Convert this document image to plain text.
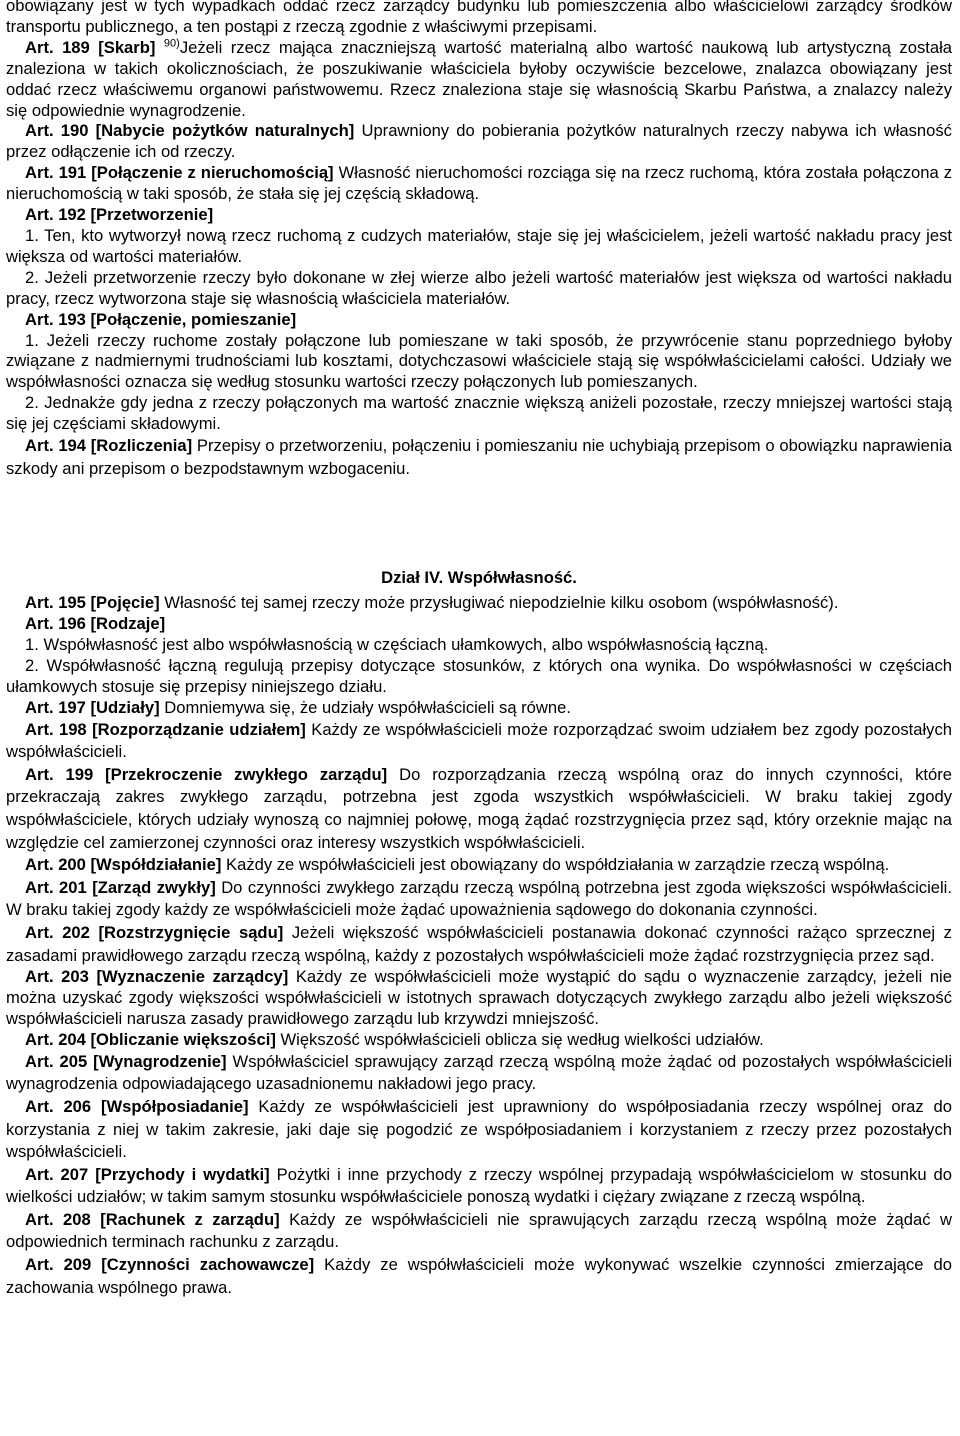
obowiązany jest w tych wypadkach oddać rzecz zarządcy budynku lub pomieszczenia albo właścicielowi zarządcy środków transportu publicznego, a ten postąpi z rzeczą zgodnie z właściwymi przepisami.

Art. 189 [Skarb] $^{90)}$Jeżeli rzecz mająca znaczniejszą wartość materialną albo wartość naukową lub artystyczną została znaleziona w takich okolicznościach, że poszukiwanie właściciela byłoby oczywiście bezcelowe, znalazca obowiązany jest oddać rzecz właściwemu organowi państwowemu. Rzecz znaleziona staje się własnością Skarbu Państwa, a znalazcy należy się odpowiednie wynagrodzenie.

Art. 190 [Nabycie pożytków naturalnych] Uprawniony do pobierania pożytków naturalnych rzeczy nabywa ich własność przez odłączenie ich od rzeczy.

Art. 191 [Połączenie z nieruchomością] Własność nieruchomości rozciąga się na rzecz ruchomą, która została połączona z nieruchomością w taki sposób, że stała się jej częścią składową.

Art. 192 [Przetworzenie]

1. Ten, kto wytworzył nową rzecz ruchomą z cudzych materiałów, staje się jej właścicielem, jeżeli wartość nakładu pracy jest większa od wartości materiałów.

2. Jeżeli przetworzenie rzeczy było dokonane w złej wierze albo jeżeli wartość materiałów jest większa od wartości nakładu pracy, rzecz wytworzona staje się własnością właściciela materiałów.

Art. 193 [Połączenie, pomieszanie]

1. Jeżeli rzeczy ruchome zostały połączone lub pomieszane w taki sposób, że przywrócenie stanu poprzedniego byłoby związane z nadmiernymi trudnościami lub kosztami, dotychczasowi właściciele stają się współwłaścicielami całości. Udziały we współwłasności oznacza się według stosunku wartości rzeczy połączonych lub pomieszanych.

2. Jednakże gdy jedna z rzeczy połączonych ma wartość znacznie większą aniżeli pozostałe, rzeczy mniejszej wartości stają się jej częściami składowymi.

Art. 194 [Rozliczenia] Przepisy o przetworzeniu, połączeniu i pomieszaniu nie uchybiają przepisom o obowiązku naprawienia szkody ani przepisom o bezpodstawnym wzbogaceniu.

Dział IV. Współwłasność.

Art. 195 [Pojęcie] Własność tej samej rzeczy może przysługiwać niepodzielnie kilku osobom (współwłasność).

Art. 196 [Rodzaje]

1. Współwłasność jest albo współwłasnością w częściach ułamkowych, albo współwłasnością łączną.

2. Współwłasność łączną regulują przepisy dotyczące stosunków, z których ona wynika. Do współwłasności w częściach ułamkowych stosuje się przepisy niniejszego działu.

Art. 197 [Udziały] Domniemywa się, że udziały współwłaścicieli są równe.

Art. 198 [Rozporządzanie udziałem] Każdy ze współwłaścicieli może rozporządzać swoim udziałem bez zgody pozostałych współwłaścicieli.

Art. 199 [Przekroczenie zwykłego zarządu] Do rozporządzania rzeczą wspólną oraz do innych czynności, które przekraczają zakres zwykłego zarządu, potrzebna jest zgoda wszystkich współwłaścicieli. W braku takiej zgody współwłaściciele, których udziały wynoszą co najmniej połowę, mogą żądać rozstrzygnięcia przez sąd, który orzeknie mając na względzie cel zamierzonej czynności oraz interesy wszystkich współwłaścicieli.

Art. 200 [Współdziałanie] Każdy ze współwłaścicieli jest obowiązany do współdziałania w zarządzie rzeczą wspólną.

Art. 201 [Zarząd zwykły] Do czynności zwykłego zarządu rzeczą wspólną potrzebna jest zgoda większości współwłaścicieli. W braku takiej zgody każdy ze współwłaścicieli może żądać upoważnienia sądowego do dokonania czynności.

Art. 202 [Rozstrzygnięcie sądu] Jeżeli większość współwłaścicieli postanawia dokonać czynności rażąco sprzecznej z zasadami prawidłowego zarządu rzeczą wspólną, każdy z pozostałych współwłaścicieli może żądać rozstrzygnięcia przez sąd.

Art. 203 [Wyznaczenie zarządcy] Każdy ze współwłaścicieli może wystąpić do sądu o wyznaczenie zarządcy, jeżeli nie można uzyskać zgody większości współwłaścicieli w istotnych sprawach dotyczących zwykłego zarządu albo jeżeli większość współwłaścicieli narusza zasady prawidłowego zarządu lub krzywdzi mniejszość.

Art. 204 [Obliczanie większości] Większość współwłaścicieli oblicza się według wielkości udziałów.

Art. 205 [Wynagrodzenie] Współwłaściciel sprawujący zarząd rzeczą wspólną może żądać od pozostałych współwłaścicieli wynagrodzenia odpowiadającego uzasadnionemu nakładowi jego pracy.

Art. 206 [Współposiadanie] Każdy ze współwłaścicieli jest uprawniony do współposiadania rzeczy wspólnej oraz do korzystania z niej w takim zakresie, jaki daje się pogodzić ze współposiadaniem i korzystaniem z rzeczy przez pozostałych współwłaścicieli.

Art. 207 [Przychody i wydatki] Pożytki i inne przychody z rzeczy wspólnej przypadają współwłaścicielom w stosunku do wielkości udziałów; w takim samym stosunku współwłaściciele ponoszą wydatki i ciężary związane z rzeczą wspólną.

Art. 208 [Rachunek z zarządu] Każdy ze współwłaścicieli nie sprawujących zarządu rzeczą wspólną może żądać w odpowiednich terminach rachunku z zarządu.

Art. 209 [Czynności zachowawcze] Każdy ze współwłaścicieli może wykonywać wszelkie czynności zmierzające do zachowania wspólnego prawa.
